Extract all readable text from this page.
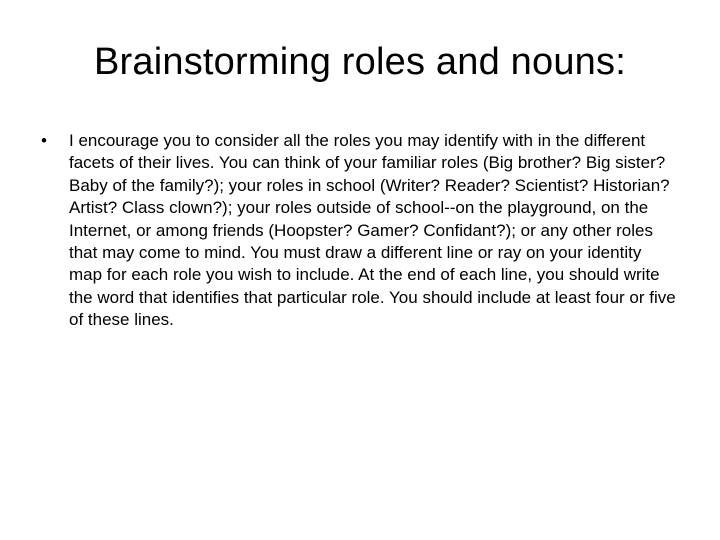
Brainstorming roles and nouns:
• I encourage you to consider all the roles you may identify with in the different facets of their lives. You can think of your familiar roles (Big brother? Big sister? Baby of the family?); your roles in school (Writer? Reader? Scientist? Historian? Artist? Class clown?); your roles outside of school--on the playground, on the Internet, or among friends (Hoopster? Gamer? Confidant?); or any other roles that may come to mind. You must draw a different line or ray on your identity map for each role you wish to include. At the end of each line, you should write the word that identifies that particular role. You should include at least four or five of these lines.
